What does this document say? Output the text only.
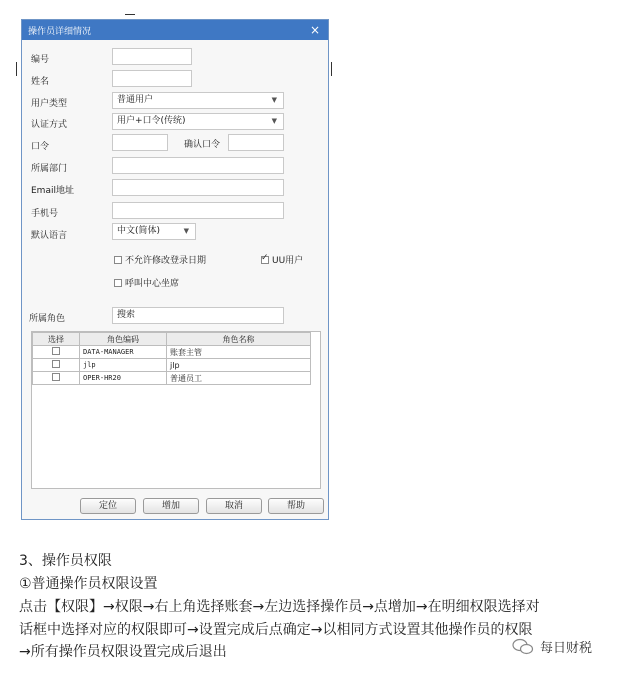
操作员详细情况	×
编号
姓名
用户类型	普通用户	▼
认证方式	用户+口令(传统)	▼
口令	确认口令
所属部门
Email地址
手机号
默认语言	中文(简体)	▼
不允许修改登录日期 ✓	UU用户
呼叫中心坐席
所属角色	搜索
选择	角色编码	角色名称
	DATA-MANAGER	账套主管
	jlp	jlp
	OPER-HR20	普通员工
定位	增加	取消	帮助
3、操作员权限
①普通操作员权限设置
点击【权限】→权限→右上角选择账套→左边选择操作员→点增加→在明细权限选择对
话框中选择对应的权限即可→设置完成后点确定→以相同方式设置其他操作员的权限
→所有操作员权限设置完成后退出	每日财税
